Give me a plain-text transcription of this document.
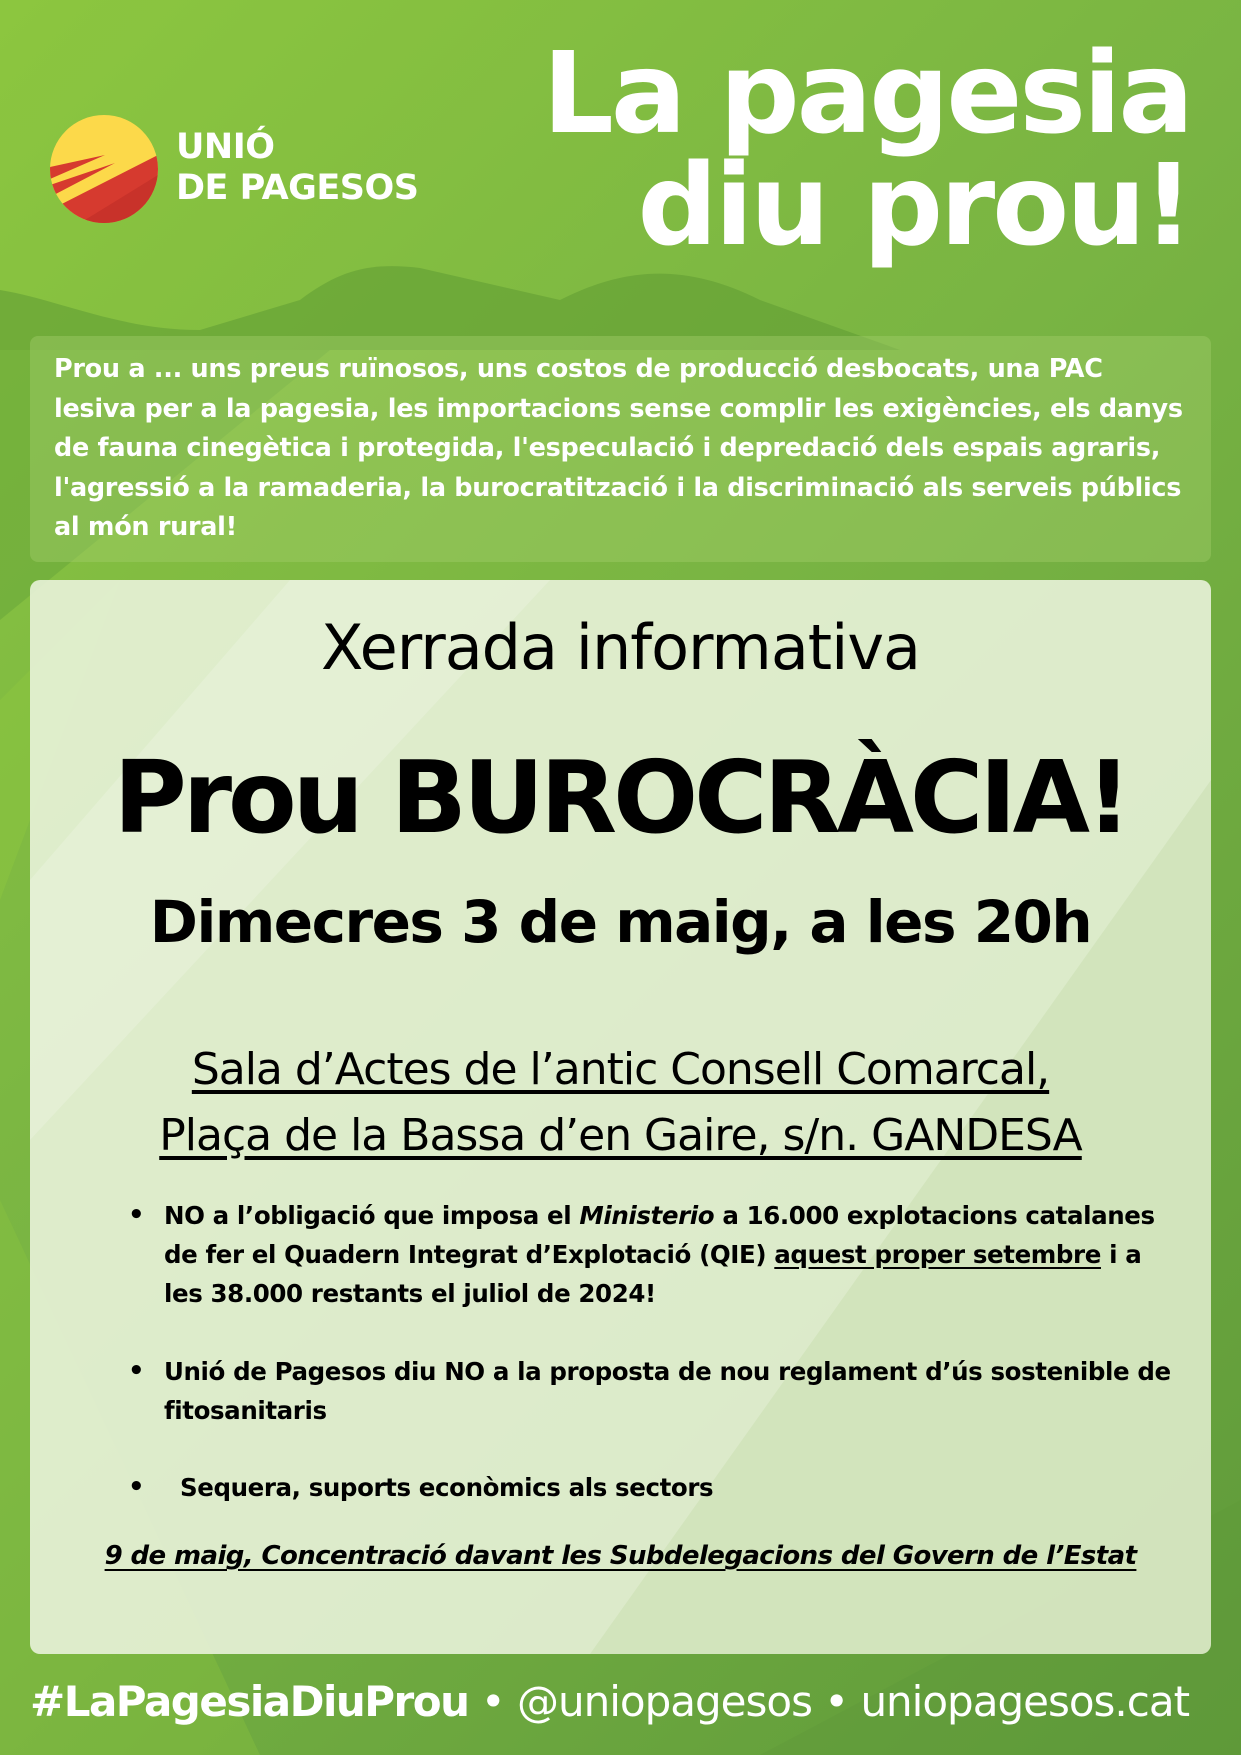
UNIÓ
DE PAGESOS
La pagesia
diu prou!

Prou a ... uns preus ruïnosos, uns costos de producció desbocats, una PAC lesiva per a la pagesia, les importacions sense complir les exigències, els danys de fauna cinegètica i protegida, l'especulació i depredació dels espais agraris, l'agressió a la ramaderia, la burocratització i la discriminació als serveis públics al món rural!

Xerrada informativa
Prou BUROCRÀCIA!
Dimecres 3 de maig, a les 20h
Sala d’Actes de l’antic Consell Comarcal,
Plaça de la Bassa d’en Gaire, s/n. GANDESA
• NO a l’obligació que imposa el Ministerio a 16.000 explotacions catalanes de fer el Quadern Integrat d’Explotació (QIE) aquest proper setembre i a les 38.000 restants el juliol de 2024!
• Unió de Pagesos diu NO a la proposta de nou reglament d’ús sostenible de fitosanitaris
• Sequera, suports econòmics als sectors
9 de maig, Concentració davant les Subdelegacions del Govern de l’Estat
#LaPagesiaDiuProu • @uniopagesos • uniopagesos.cat
